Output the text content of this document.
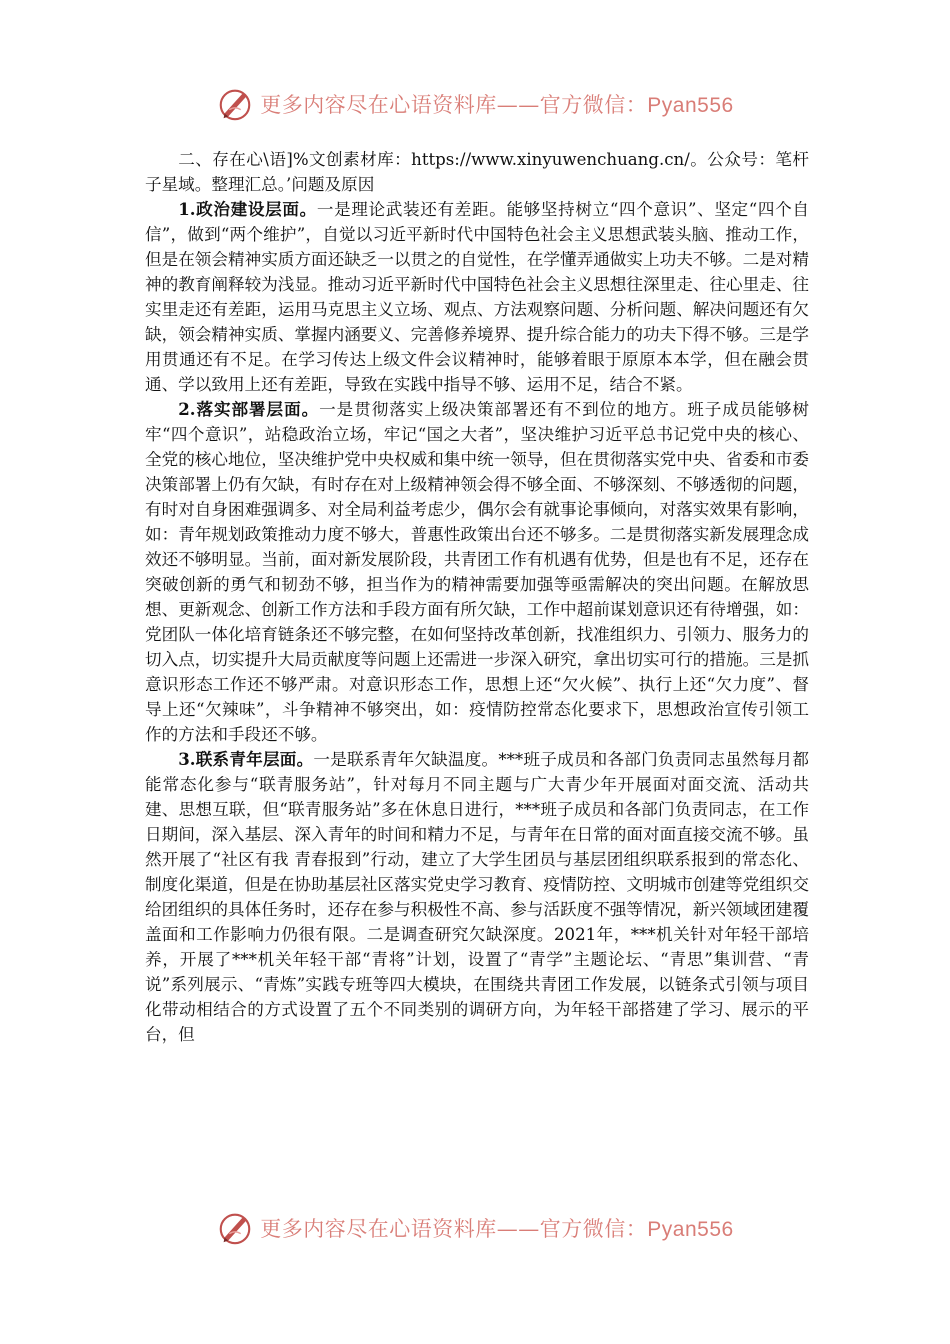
更多内容尽在心语资料库——官方微信：Pyan556

二、存在心\语]%文创素材库：https://www.xinyuwenchuang.cn/。公众号：笔杆子星域。整理汇总。’问题及原因

1.政治建设层面。一是理论武装还有差距。能够坚持树立“四个意识”、坚定“四个自信”，做到“两个维护”，自觉以习近平新时代中国特色社会主义思想武装头脑、推动工作，但是在领会精神实质方面还缺乏一以贯之的自觉性，在学懂弄通做实上功夫不够。二是对精神的教育阐释较为浅显。推动习近平新时代中国特色社会主义思想往深里走、往心里走、往实里走还有差距，运用马克思主义立场、观点、方法观察问题、分析问题、解决问题还有欠缺，领会精神实质、掌握内涵要义、完善修养境界、提升综合能力的功夫下得不够。三是学用贯通还有不足。在学习传达上级文件会议精神时，能够着眼于原原本本学，但在融会贯通、学以致用上还有差距，导致在实践中指导不够、运用不足，结合不紧。

2.落实部署层面。一是贯彻落实上级决策部署还有不到位的地方。班子成员能够树牢“四个意识”，站稳政治立场，牢记“国之大者”，坚决维护习近平总书记党中央的核心、全党的核心地位，坚决维护党中央权威和集中统一领导，但在贯彻落实党中央、省委和市委决策部署上仍有欠缺，有时存在对上级精神领会得不够全面、不够深刻、不够透彻的问题，有时对自身困难强调多、对全局利益考虑少，偶尔会有就事论事倾向，对落实效果有影响，如：青年规划政策推动力度不够大，普惠性政策出台还不够多。二是贯彻落实新发展理念成效还不够明显。当前，面对新发展阶段，共青团工作有机遇有优势，但是也有不足，还存在突破创新的勇气和韧劲不够，担当作为的精神需要加强等亟需解决的突出问题。在解放思想、更新观念、创新工作方法和手段方面有所欠缺，工作中超前谋划意识还有待增强，如：党团队一体化培育链条还不够完整，在如何坚持改革创新，找准组织力、引领力、服务力的切入点，切实提升大局贡献度等问题上还需进一步深入研究，拿出切实可行的措施。三是抓意识形态工作还不够严肃。对意识形态工作，思想上还“欠火候”、执行上还“欠力度”、督导上还“欠辣味”，斗争精神不够突出，如：疫情防控常态化要求下，思想政治宣传引领工作的方法和手段还不够。

3.联系青年层面。一是联系青年欠缺温度。***班子成员和各部门负责同志虽然每月都能常态化参与“联青服务站”，针对每月不同主题与广大青少年开展面对面交流、活动共建、思想互联，但“联青服务站”多在休息日进行，***班子成员和各部门负责同志，在工作日期间，深入基层、深入青年的时间和精力不足，与青年在日常的面对面直接交流不够。虽然开展了“社区有我 青春报到”行动，建立了大学生团员与基层团组织联系报到的常态化、制度化渠道，但是在协助基层社区落实党史学习教育、疫情防控、文明城市创建等党组织交给团组织的具体任务时，还存在参与积极性不高、参与活跃度不强等情况，新兴领域团建覆盖面和工作影响力仍很有限。二是调查研究欠缺深度。2021年，***机关针对年轻干部培养，开展了***机关年轻干部“青将”计划，设置了“青学”主题论坛、“青思”集训营、“青说”系列展示、“青炼”实践专班等四大模块，在围绕共青团工作发展，以链条式引领与项目化带动相结合的方式设置了五个不同类别的调研方向，为年轻干部搭建了学习、展示的平台，但

更多内容尽在心语资料库——官方微信：Pyan556
